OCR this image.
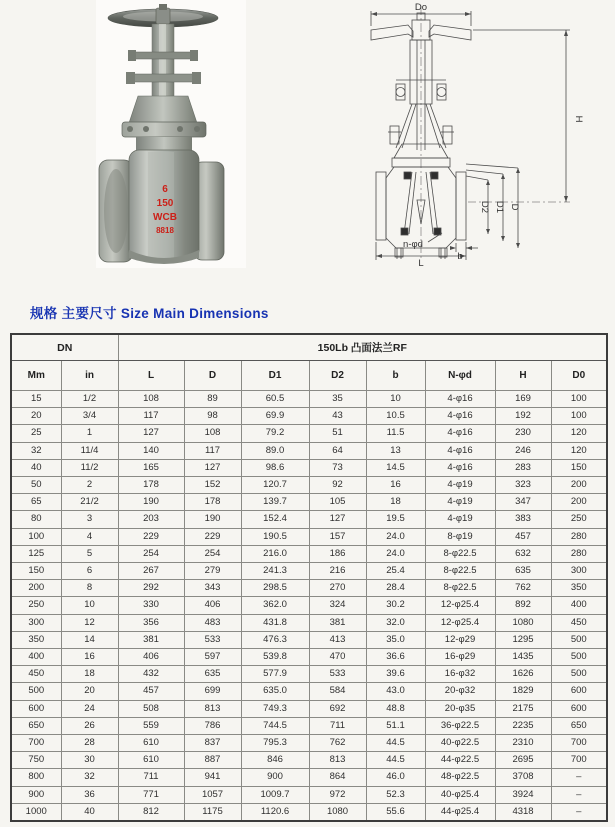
6
150
WCB
8818
Do
H
D2 D1 D
n-φd
L
b
规格 主要尺寸 Size Main Dimensions
DN		150Lb 凸面法兰RF							
Mm	in	L	D	D1	D2	b	N-φd	H	D0
15	1/2	108	89	60.5	35	10	4-φ16	169	100
20	3/4	117	98	69.9	43	10.5	4-φ16	192	100
25	1	127	108	79.2	51	11.5	4-φ16	230	120
32	11/4	140	117	89.0	64	13	4-φ16	246	120
40	11/2	165	127	98.6	73	14.5	4-φ16	283	150
50	2	178	152	120.7	92	16	4-φ19	323	200
65	21/2	190	178	139.7	105	18	4-φ19	347	200
80	3	203	190	152.4	127	19.5	4-φ19	383	250
100	4	229	229	190.5	157	24.0	8-φ19	457	280
125	5	254	254	216.0	186	24.0	8-φ22.5	632	280
150	6	267	279	241.3	216	25.4	8-φ22.5	635	300
200	8	292	343	298.5	270	28.4	8-φ22.5	762	350
250	10	330	406	362.0	324	30.2	12-φ25.4	892	400
300	12	356	483	431.8	381	32.0	12-φ25.4	1080	450
350	14	381	533	476.3	413	35.0	12-φ29	1295	500
400	16	406	597	539.8	470	36.6	16-φ29	1435	500
450	18	432	635	577.9	533	39.6	16-φ32	1626	500
500	20	457	699	635.0	584	43.0	20-φ32	1829	600
600	24	508	813	749.3	692	48.8	20-φ35	2175	600
650	26	559	786	744.5	711	51.1	36-φ22.5	2235	650
700	28	610	837	795.3	762	44.5	40-φ22.5	2310	700
750	30	610	887	846	813	44.5	44-φ22.5	2695	700
800	32	711	941	900	864	46.0	48-φ22.5	3708	–
900	36	771	1057	1009.7	972	52.3	40-φ25.4	3924	–
1000	40	812	1175	1120.6	1080	55.6	44-φ25.4	4318	–
